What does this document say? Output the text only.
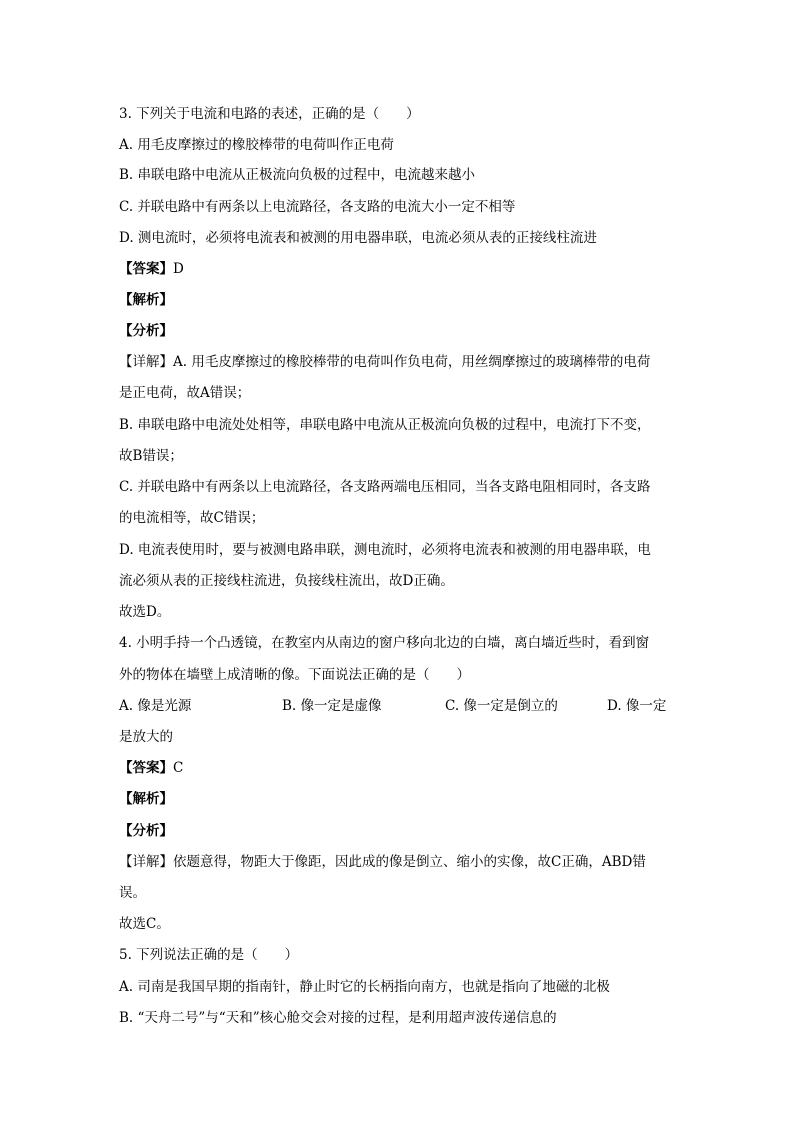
3. 下列关于电流和电路的表述，正确的是（　　）
A. 用毛皮摩擦过的橡胶棒带的电荷叫作正电荷
B. 串联电路中电流从正极流向负极的过程中，电流越来越小
C. 并联电路中有两条以上电流路径，各支路的电流大小一定不相等
D. 测电流时，必须将电流表和被测的用电器串联，电流必须从表的正接线柱流进
【答案】D
【解析】
【分析】
【详解】A. 用毛皮摩擦过的橡胶棒带的电荷叫作负电荷，用丝绸摩擦过的玻璃棒带的电荷
是正电荷，故A错误；
B. 串联电路中电流处处相等，串联电路中电流从正极流向负极的过程中，电流打下不变，
故B错误；
C. 并联电路中有两条以上电流路径，各支路两端电压相同，当各支路电阻相同时，各支路
的电流相等，故C错误；
D. 电流表使用时，要与被测电路串联，测电流时，必须将电流表和被测的用电器串联，电
流必须从表的正接线柱流进，负接线柱流出，故D正确。
故选D。
4. 小明手持一个凸透镜，在教室内从南边的窗户移向北边的白墙，离白墙近些时，看到窗
外的物体在墙壁上成清晰的像。下面说法正确的是（　　）
A. 像是光源	B. 像一定是虚像	C. 像一定是倒立的	D. 像一定
是放大的
【答案】C
【解析】
【分析】
【详解】依题意得，物距大于像距，因此成的像是倒立、缩小的实像，故C正确，ABD错
误。
故选C。
5. 下列说法正确的是（　　）
A. 司南是我国早期的指南针，静止时它的长柄指向南方，也就是指向了地磁的北极
B. “天舟二号”与“天和”核心舱交会对接的过程，是利用超声波传递信息的
